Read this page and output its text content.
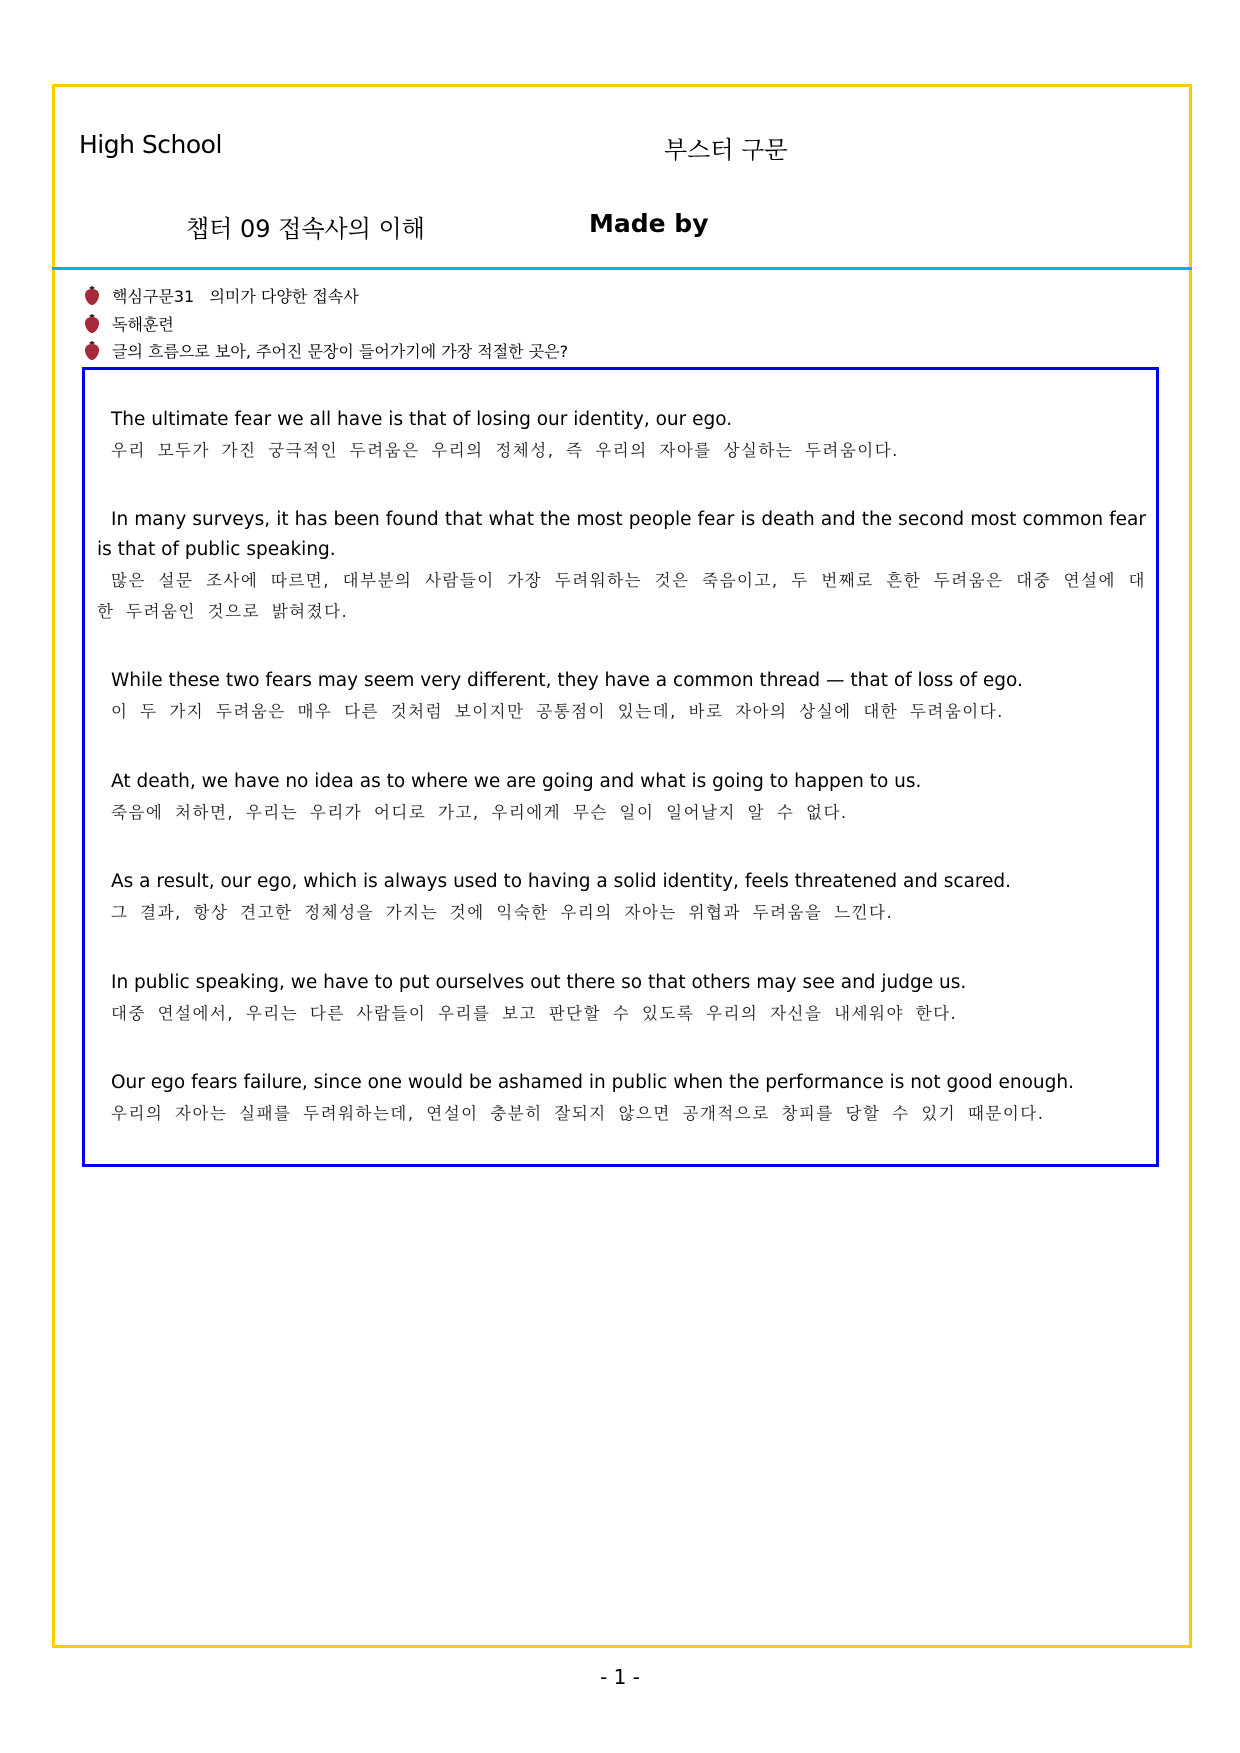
High School	부스터 구문
챕터 09 접속사의 이해	Made by
핵심구문31   의미가 다양한 접속사
독해훈련
글의 흐름으로 보아, 주어진 문장이 들어가기에 가장 적절한 곳은?
The ultimate fear we all have is that of losing our identity, our ego.
우리 모두가 가진 궁극적인 두려움은 우리의 정체성, 즉 우리의 자아를 상실하는 두려움이다.
In many surveys, it has been found that what the most people fear is death and the second most common fear is that of public speaking.
많은 설문 조사에 따르면, 대부분의 사람들이 가장 두려워하는 것은 죽음이고, 두 번째로 흔한 두려움은 대중 연설에 대한 두려움인 것으로 밝혀졌다.
While these two fears may seem very different, they have a common thread — that of loss of ego.
이 두 가지 두려움은 매우 다른 것처럼 보이지만 공통점이 있는데, 바로 자아의 상실에 대한 두려움이다.
At death, we have no idea as to where we are going and what is going to happen to us.
죽음에 처하면, 우리는 우리가 어디로 가고, 우리에게 무슨 일이 일어날지 알 수 없다.
As a result, our ego, which is always used to having a solid identity, feels threatened and scared.
그 결과, 항상 견고한 정체성을 가지는 것에 익숙한 우리의 자아는 위협과 두려움을 느낀다.
In public speaking, we have to put ourselves out there so that others may see and judge us.
대중 연설에서, 우리는 다른 사람들이 우리를 보고 판단할 수 있도록 우리의 자신을 내세워야 한다.
Our ego fears failure, since one would be ashamed in public when the performance is not good enough.
우리의 자아는 실패를 두려워하는데, 연설이 충분히 잘되지 않으면 공개적으로 창피를 당할 수 있기 때문이다.
- 1 -
